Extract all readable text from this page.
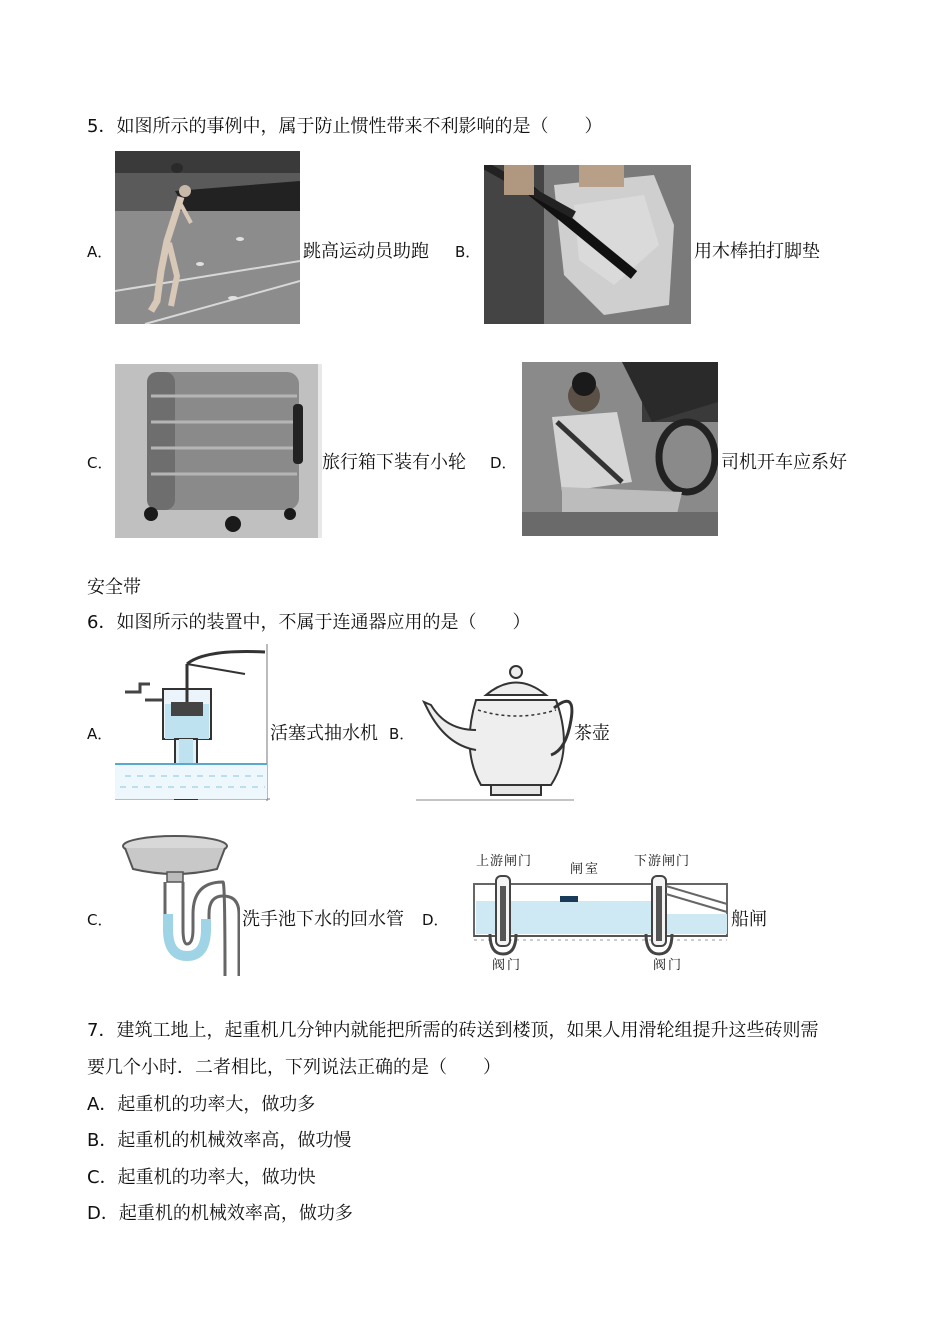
5．如图所示的事例中，属于防止惯性带来不利影响的是（　　）
A．	跳高运动员助跑 B．	用木棒拍打脚垫
C．	旅行箱下装有小轮 D．	司机开车应系好
安全带
6．如图所示的装置中，不属于连通器应用的是（　　）
A．	活塞式抽水机 B．	茶壶
C．	洗手池下水的回水管 D．
上游闸门
闸室
下游闸门
阀门	阀门
船闸
7．建筑工地上，起重机几分钟内就能把所需的砖送到楼顶，如果人用滑轮组提升这些砖则需
要几个小时．二者相比，下列说法正确的是（　　）
A．起重机的功率大，做功多
B．起重机的机械效率高，做功慢
C．起重机的功率大，做功快
D．起重机的机械效率高，做功多
